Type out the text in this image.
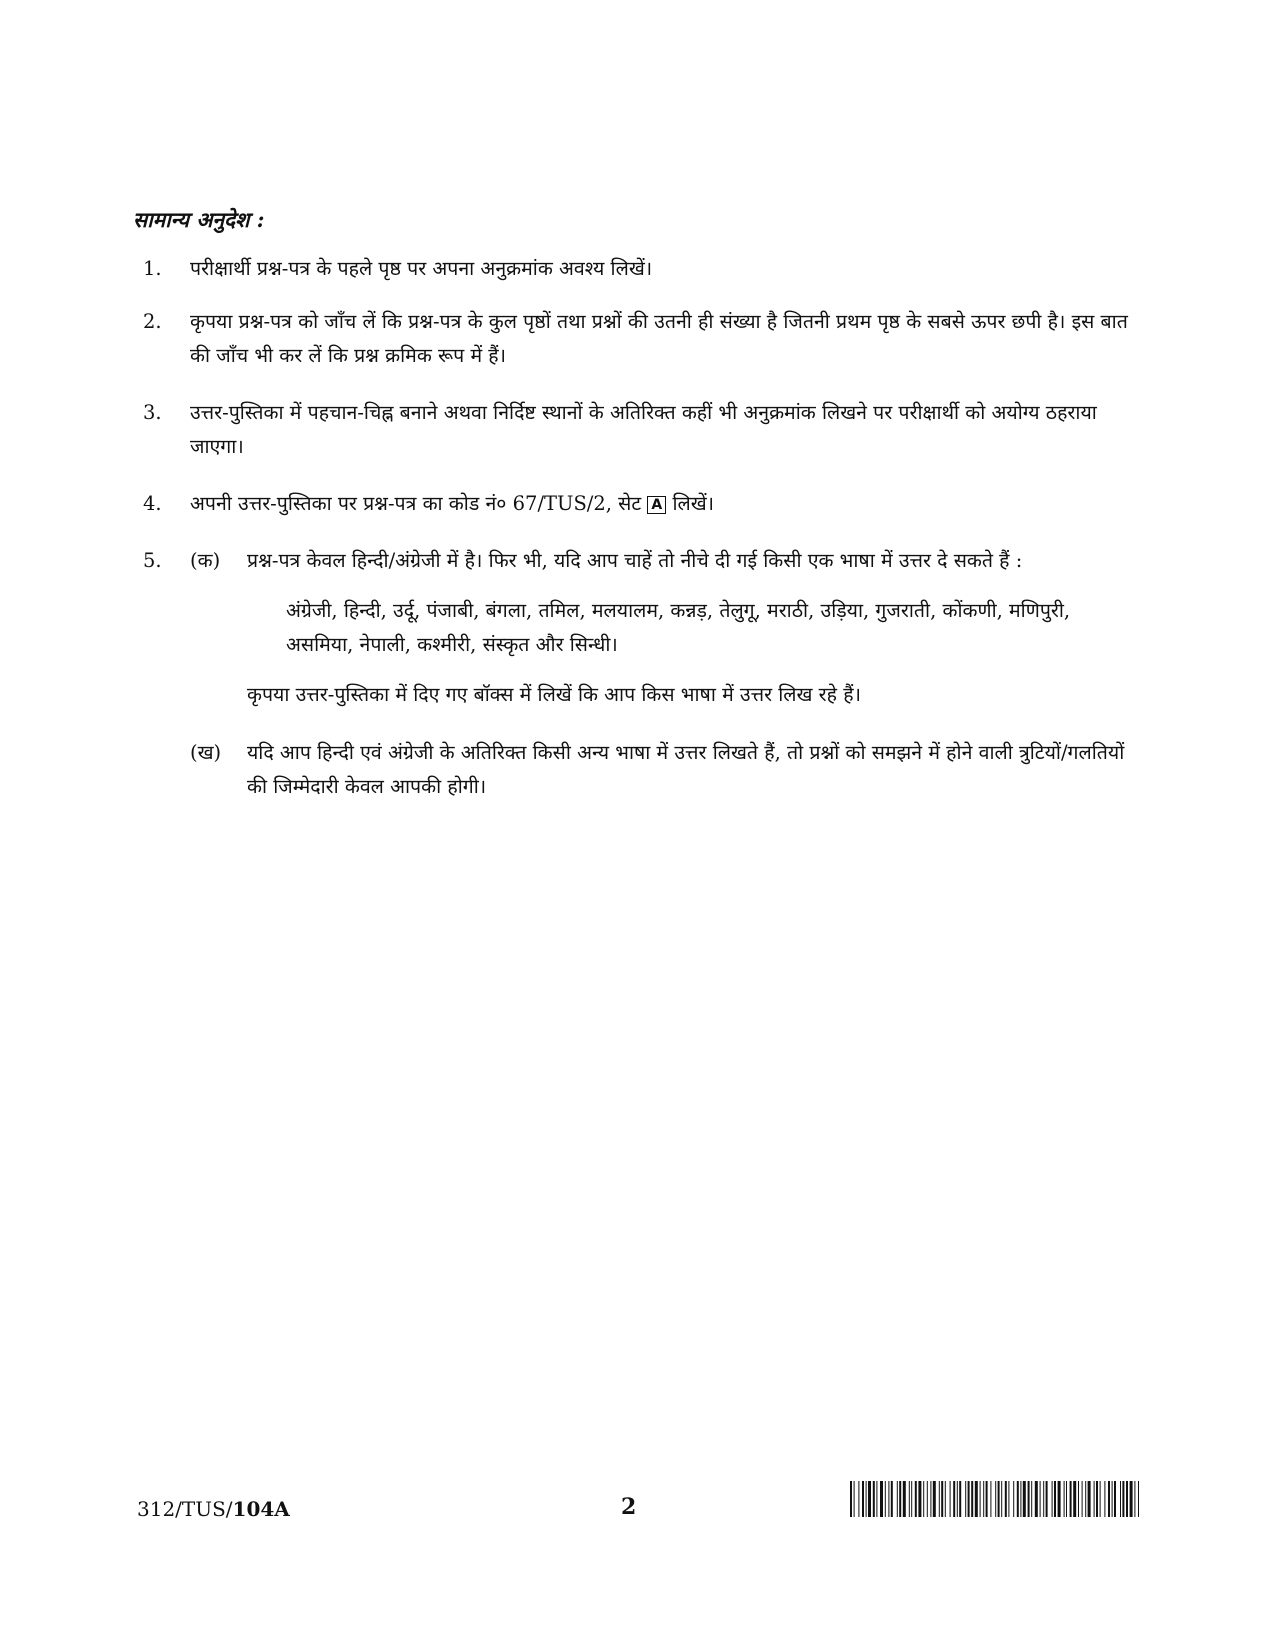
सामान्य अनुदेश :
1. परीक्षार्थी प्रश्न-पत्र के पहले पृष्ठ पर अपना अनुक्रमांक अवश्य लिखें।
2. कृपया प्रश्न-पत्र को जाँच लें कि प्रश्न-पत्र के कुल पृष्ठों तथा प्रश्नों की उतनी ही संख्या है जितनी प्रथम पृष्ठ के सबसे ऊपर छपी है। इस बात की जाँच भी कर लें कि प्रश्न क्रमिक रूप में हैं।
3. उत्तर-पुस्तिका में पहचान-चिह्न बनाने अथवा निर्दिष्ट स्थानों के अतिरिक्त कहीं भी अनुक्रमांक लिखने पर परीक्षार्थी को अयोग्य ठहराया जाएगा।
4. अपनी उत्तर-पुस्तिका पर प्रश्न-पत्र का कोड नं० 67/TUS/2, सेट A लिखें।
5. (क) प्रश्न-पत्र केवल हिन्दी/अंग्रेजी में है। फिर भी, यदि आप चाहें तो नीचे दी गई किसी एक भाषा में उत्तर दे सकते हैं :
अंग्रेजी, हिन्दी, उर्दू, पंजाबी, बंगला, तमिल, मलयालम, कन्नड़, तेलुगू, मराठी, उड़िया, गुजराती, कोंकणी, मणिपुरी, असमिया, नेपाली, कश्मीरी, संस्कृत और सिन्धी।
कृपया उत्तर-पुस्तिका में दिए गए बॉक्स में लिखें कि आप किस भाषा में उत्तर लिख रहे हैं।
(ख) यदि आप हिन्दी एवं अंग्रेजी के अतिरिक्त किसी अन्य भाषा में उत्तर लिखते हैं, तो प्रश्नों को समझने में होने वाली त्रुटियों/गलतियों की जिम्मेदारी केवल आपकी होगी।
312/TUS/104A	2
